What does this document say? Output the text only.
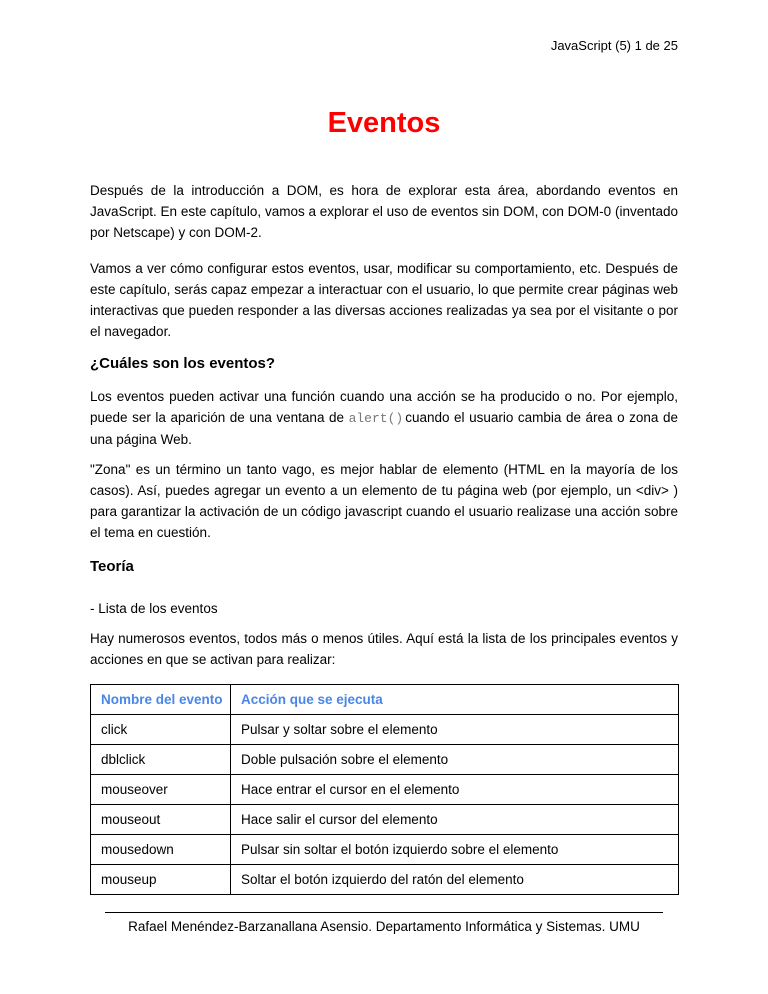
JavaScript (5) 1 de 25
Eventos

Después de la introducción a DOM, es hora de explorar esta área, abordando eventos en JavaScript. En este capítulo, vamos a explorar el uso de eventos sin DOM, con DOM-0 (inventado por Netscape) y con DOM-2.

Vamos a ver cómo configurar estos eventos, usar, modificar su comportamiento, etc. Después de este capítulo, serás capaz empezar a interactuar con el usuario, lo que permite crear páginas web interactivas que pueden responder a las diversas acciones realizadas ya sea por el visitante o por el navegador.

¿Cuáles son los eventos?

Los eventos pueden activar una función cuando una acción se ha producido o no. Por ejemplo, puede ser la aparición de una ventana de alert() cuando el usuario cambia de área o zona de una página Web.

"Zona" es un término un tanto vago, es mejor hablar de elemento (HTML en la mayoría de los casos). Así, puedes agregar un evento a un elemento de tu página web (por ejemplo, un <div> ) para garantizar la activación de un código javascript cuando el usuario realizase una acción sobre el tema en cuestión.

Teoría
- Lista de los eventos

Hay numerosos eventos, todos más o menos útiles. Aquí está la lista de los principales eventos y acciones en que se activan para realizar:

Nombre del evento	Acción que se ejecuta
click	Pulsar y soltar sobre el elemento
dblclick	Doble pulsación sobre el elemento
mouseover	Hace entrar el cursor en el elemento
mouseout	Hace salir el cursor del elemento
mousedown	Pulsar sin soltar el botón izquierdo sobre el elemento
mouseup	Soltar el botón izquierdo del ratón del elemento
Rafael Menéndez-Barzanallana Asensio. Departamento Informática y Sistemas. UMU
